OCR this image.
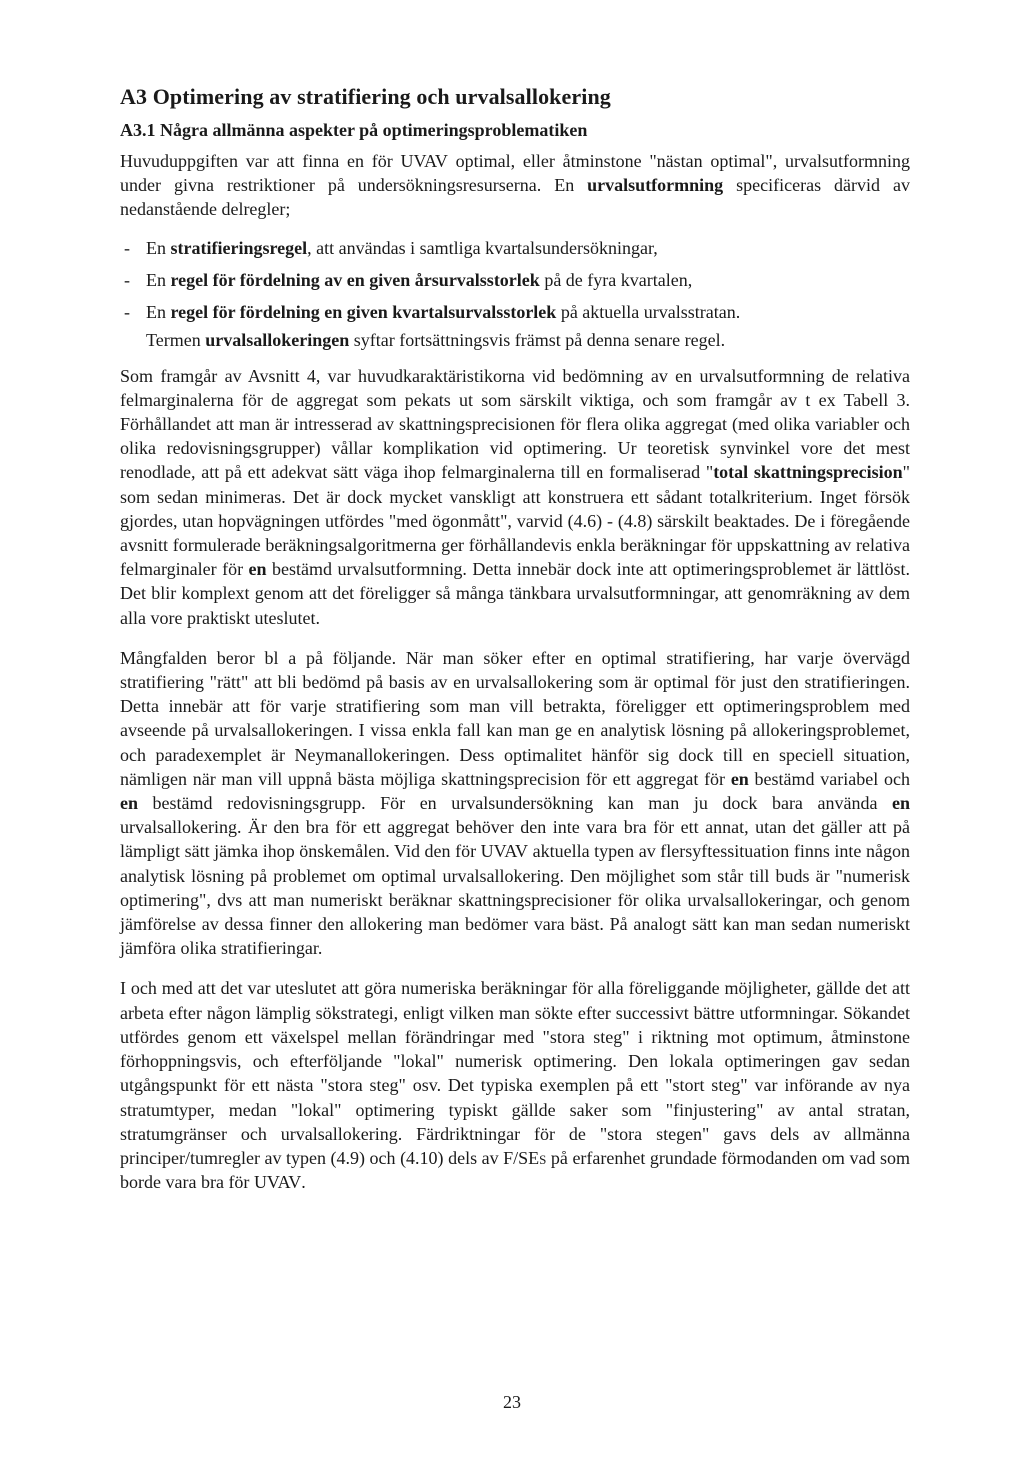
A3 Optimering av stratifiering och urvalsallokering
A3.1 Några allmänna aspekter på optimeringsproblematiken

Huvuduppgiften var att finna en för UVAV optimal, eller åtminstone "nästan optimal", urvalsutformning under givna restriktioner på undersökningsresurserna. En urvalsutformning specificeras därvid av nedanstående delregler;

- En stratifieringsregel, att användas i samtliga kvartalsundersökningar,
- En regel för fördelning av en given årsurvalsstorlek på de fyra kvartalen,
- En regel för fördelning en given kvartalsurvalsstorlek på aktuella urvalsstratan.
Termen urvalsallokeringen syftar fortsättningsvis främst på denna senare regel.

Som framgår av Avsnitt 4, var huvudkaraktäristikorna vid bedömning av en urvalsutformning de relativa felmarginalerna för de aggregat som pekats ut som särskilt viktiga, och som framgår av t ex Tabell 3. Förhållandet att man är intresserad av skattningsprecisionen för flera olika aggregat (med olika variabler och olika redovisningsgrupper) vållar komplikation vid optimering. Ur teoretisk synvinkel vore det mest renodlade, att på ett adekvat sätt väga ihop felmarginalerna till en formaliserad "total skattningsprecision" som sedan minimeras. Det är dock mycket vanskligt att konstruera ett sådant totalkriterium. Inget försök gjordes, utan hopvägningen utfördes "med ögonmått", varvid (4.6) - (4.8) särskilt beaktades. De i föregående avsnitt formulerade beräkningsalgoritmerna ger förhållandevis enkla beräkningar för uppskattning av relativa felmarginaler för en bestämd urvalsutformning. Detta innebär dock inte att optimeringsproblemet är lättlöst. Det blir komplext genom att det föreligger så många tänkbara urvalsutformningar, att genomräkning av dem alla vore praktiskt uteslutet.

Mångfalden beror bl a på följande. När man söker efter en optimal stratifiering, har varje övervägd stratifiering "rätt" att bli bedömd på basis av en urvalsallokering som är optimal för just den stratifieringen. Detta innebär att för varje stratifiering som man vill betrakta, föreligger ett optimeringsproblem med avseende på urvalsallokeringen. I vissa enkla fall kan man ge en analytisk lösning på allokeringsproblemet, och paradexemplet är Neymanallokeringen. Dess optimalitet hänför sig dock till en speciell situation, nämligen när man vill uppnå bästa möjliga skattningsprecision för ett aggregat för en bestämd variabel och en bestämd redovisningsgrupp. För en urvalsundersökning kan man ju dock bara använda en urvalsallokering. Är den bra för ett aggregat behöver den inte vara bra för ett annat, utan det gäller att på lämpligt sätt jämka ihop önskemålen. Vid den för UVAV aktuella typen av flersyftessituation finns inte någon analytisk lösning på problemet om optimal urvalsallokering. Den möjlighet som står till buds är "numerisk optimering", dvs att man numeriskt beräknar skattningsprecisioner för olika urvalsallokeringar, och genom jämförelse av dessa finner den allokering man bedömer vara bäst. På analogt sätt kan man sedan numeriskt jämföra olika stratifieringar.

I och med att det var uteslutet att göra numeriska beräkningar för alla föreliggande möjligheter, gällde det att arbeta efter någon lämplig sökstrategi, enligt vilken man sökte efter successivt bättre utformningar. Sökandet utfördes genom ett växelspel mellan förändringar med "stora steg" i riktning mot optimum, åtminstone förhoppningsvis, och efterföljande "lokal" numerisk optimering. Den lokala optimeringen gav sedan utgångspunkt för ett nästa "stora steg" osv. Det typiska exemplen på ett "stort steg" var införande av nya stratumtyper, medan "lokal" optimering typiskt gällde saker som "finjustering" av antal stratan, stratumgränser och urvalsallokering. Färdriktningar för de "stora stegen" gavs dels av allmänna principer/tumregler av typen (4.9) och (4.10) dels av F/SEs på erfarenhet grundade förmodanden om vad som borde vara bra för UVAV.

23
